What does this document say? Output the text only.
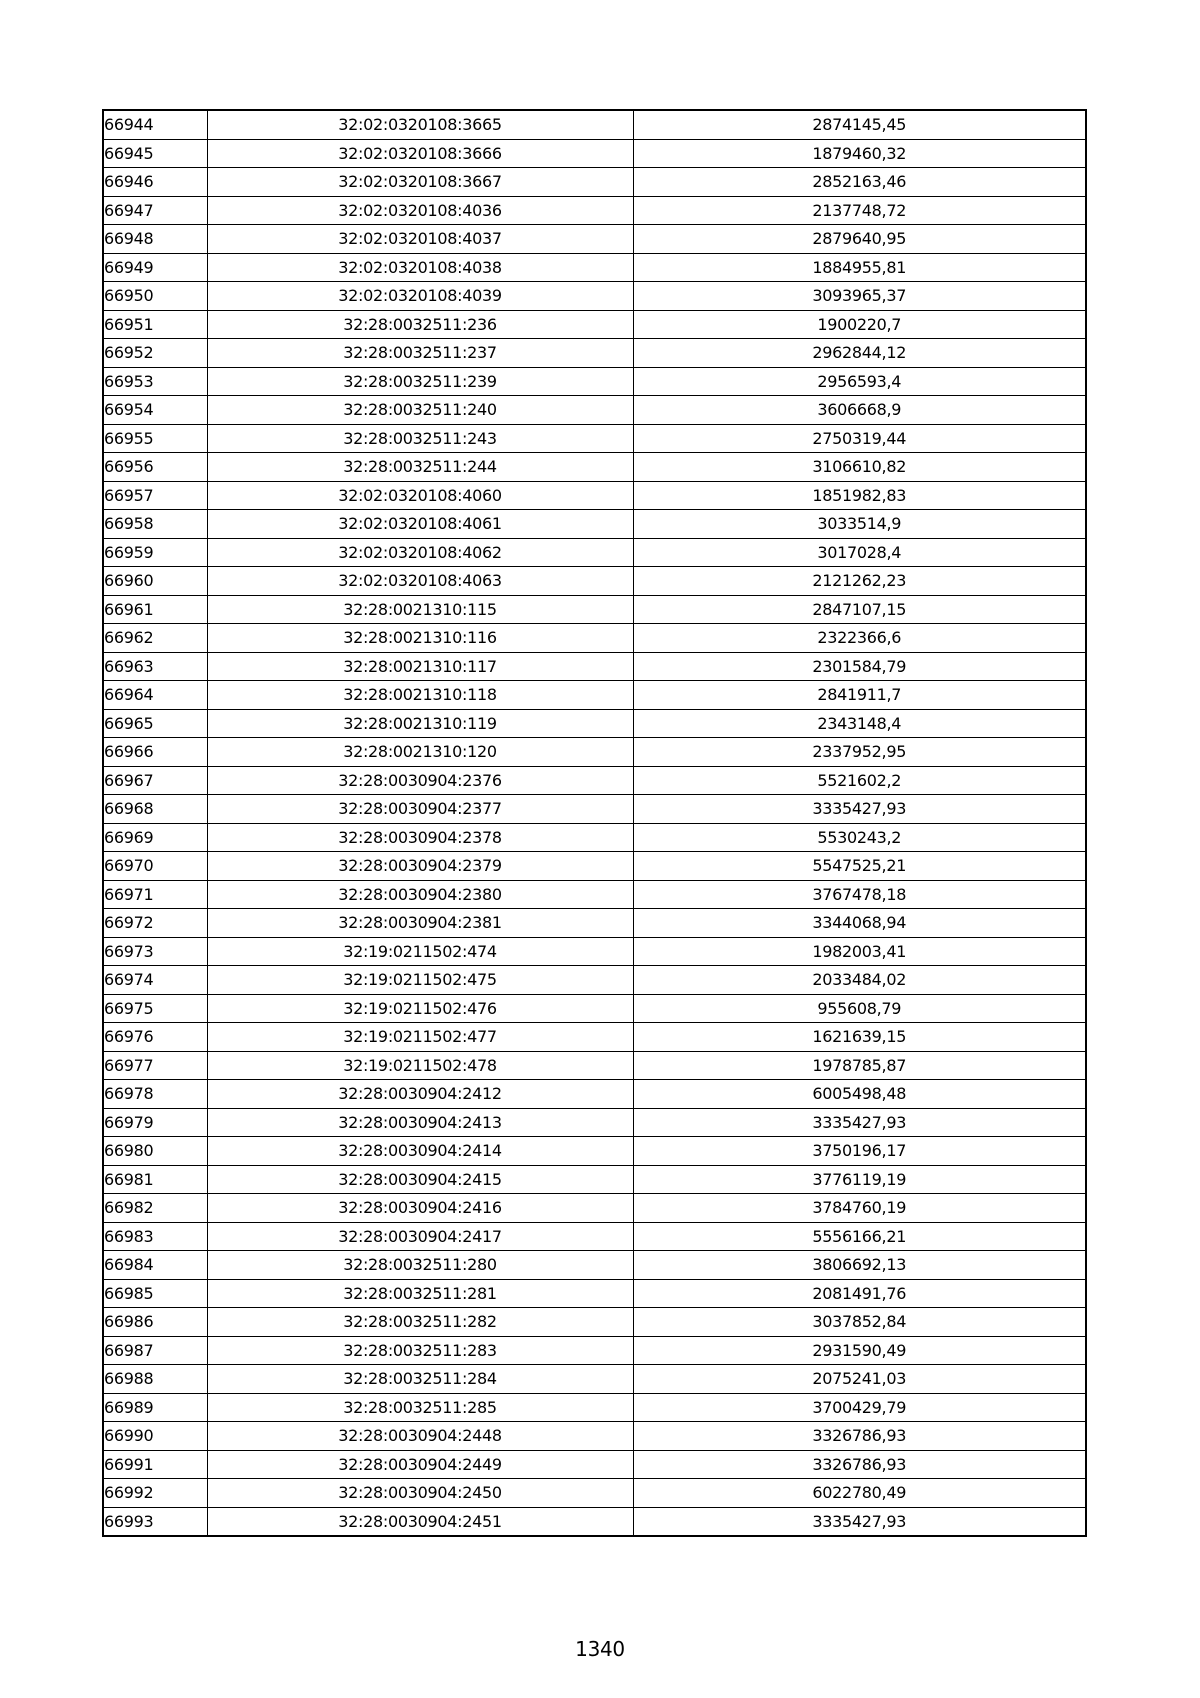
66944	32:02:0320108:3665	2874145,45
66945	32:02:0320108:3666	1879460,32
66946	32:02:0320108:3667	2852163,46
66947	32:02:0320108:4036	2137748,72
66948	32:02:0320108:4037	2879640,95
66949	32:02:0320108:4038	1884955,81
66950	32:02:0320108:4039	3093965,37
66951	32:28:0032511:236	1900220,7
66952	32:28:0032511:237	2962844,12
66953	32:28:0032511:239	2956593,4
66954	32:28:0032511:240	3606668,9
66955	32:28:0032511:243	2750319,44
66956	32:28:0032511:244	3106610,82
66957	32:02:0320108:4060	1851982,83
66958	32:02:0320108:4061	3033514,9
66959	32:02:0320108:4062	3017028,4
66960	32:02:0320108:4063	2121262,23
66961	32:28:0021310:115	2847107,15
66962	32:28:0021310:116	2322366,6
66963	32:28:0021310:117	2301584,79
66964	32:28:0021310:118	2841911,7
66965	32:28:0021310:119	2343148,4
66966	32:28:0021310:120	2337952,95
66967	32:28:0030904:2376	5521602,2
66968	32:28:0030904:2377	3335427,93
66969	32:28:0030904:2378	5530243,2
66970	32:28:0030904:2379	5547525,21
66971	32:28:0030904:2380	3767478,18
66972	32:28:0030904:2381	3344068,94
66973	32:19:0211502:474	1982003,41
66974	32:19:0211502:475	2033484,02
66975	32:19:0211502:476	955608,79
66976	32:19:0211502:477	1621639,15
66977	32:19:0211502:478	1978785,87
66978	32:28:0030904:2412	6005498,48
66979	32:28:0030904:2413	3335427,93
66980	32:28:0030904:2414	3750196,17
66981	32:28:0030904:2415	3776119,19
66982	32:28:0030904:2416	3784760,19
66983	32:28:0030904:2417	5556166,21
66984	32:28:0032511:280	3806692,13
66985	32:28:0032511:281	2081491,76
66986	32:28:0032511:282	3037852,84
66987	32:28:0032511:283	2931590,49
66988	32:28:0032511:284	2075241,03
66989	32:28:0032511:285	3700429,79
66990	32:28:0030904:2448	3326786,93
66991	32:28:0030904:2449	3326786,93
66992	32:28:0030904:2450	6022780,49
66993	32:28:0030904:2451	3335427,93
1340
